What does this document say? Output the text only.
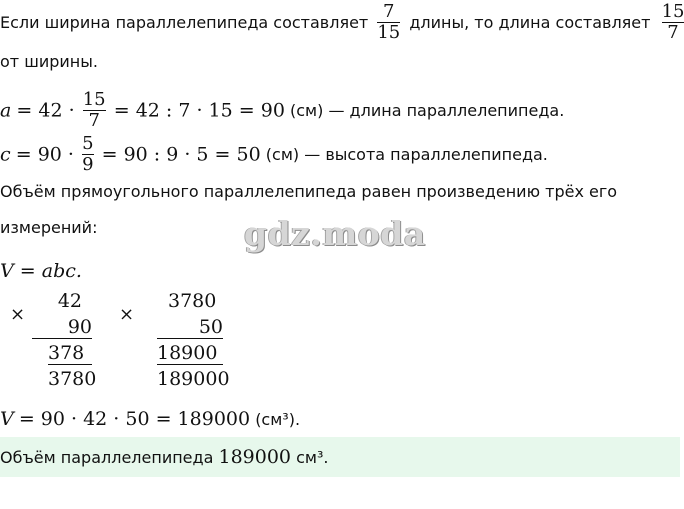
Если ширина параллелепипеда составляет $\frac{7}{15}$ длины, то длина составляет $\frac{15}{7}$
от ширины.
$a = 42 \cdot \frac{15}{7} = 42$ : 7 · 15 = 90 (см) — длина параллелепипеда.
$c = 90 \cdot \frac{5}{9} = 90$ : 9 · 5 = 50 (см) — высота параллелепипеда.
Объём прямоугольного параллелепипеда равен произведению трёх его
измерений:	gdz.moda
V = abc.
×
42
90
378
3780
×
3780
50
18900
189000
V = 90 · 42 · 50 = 189000 (см³).
Объём параллелепипеда 189000 см³.
